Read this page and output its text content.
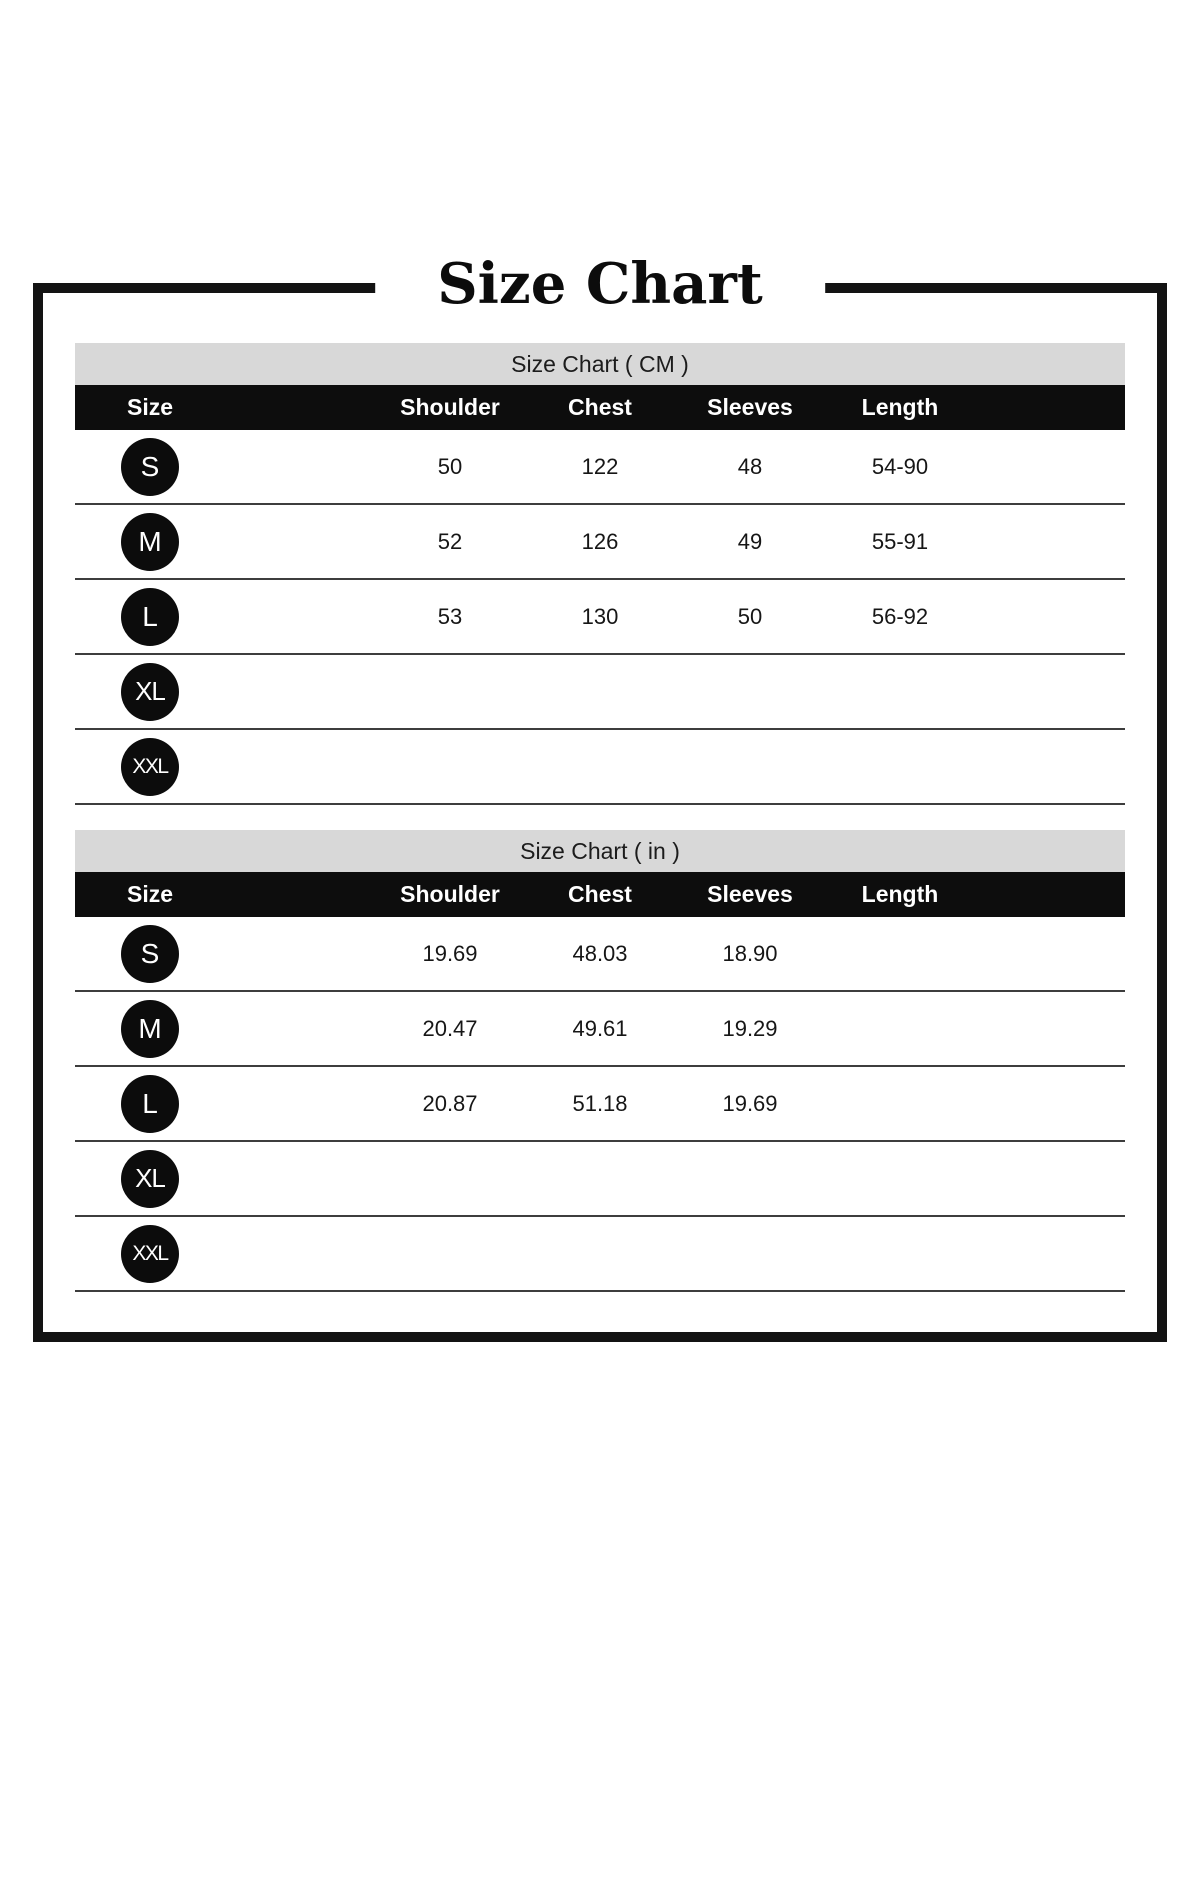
Size Chart
Size Chart ( CM )
Size	Shoulder	Chest	Sleeves	Length
S	50	122	48	54-90
M	52	126	49	55-91
L	53	130	50	56-92
XL
XXL
Size Chart ( in )
Size	Shoulder	Chest	Sleeves	Length
S	19.69	48.03	18.90
M	20.47	49.61	19.29
L	20.87	51.18	19.69
XL
XXL
